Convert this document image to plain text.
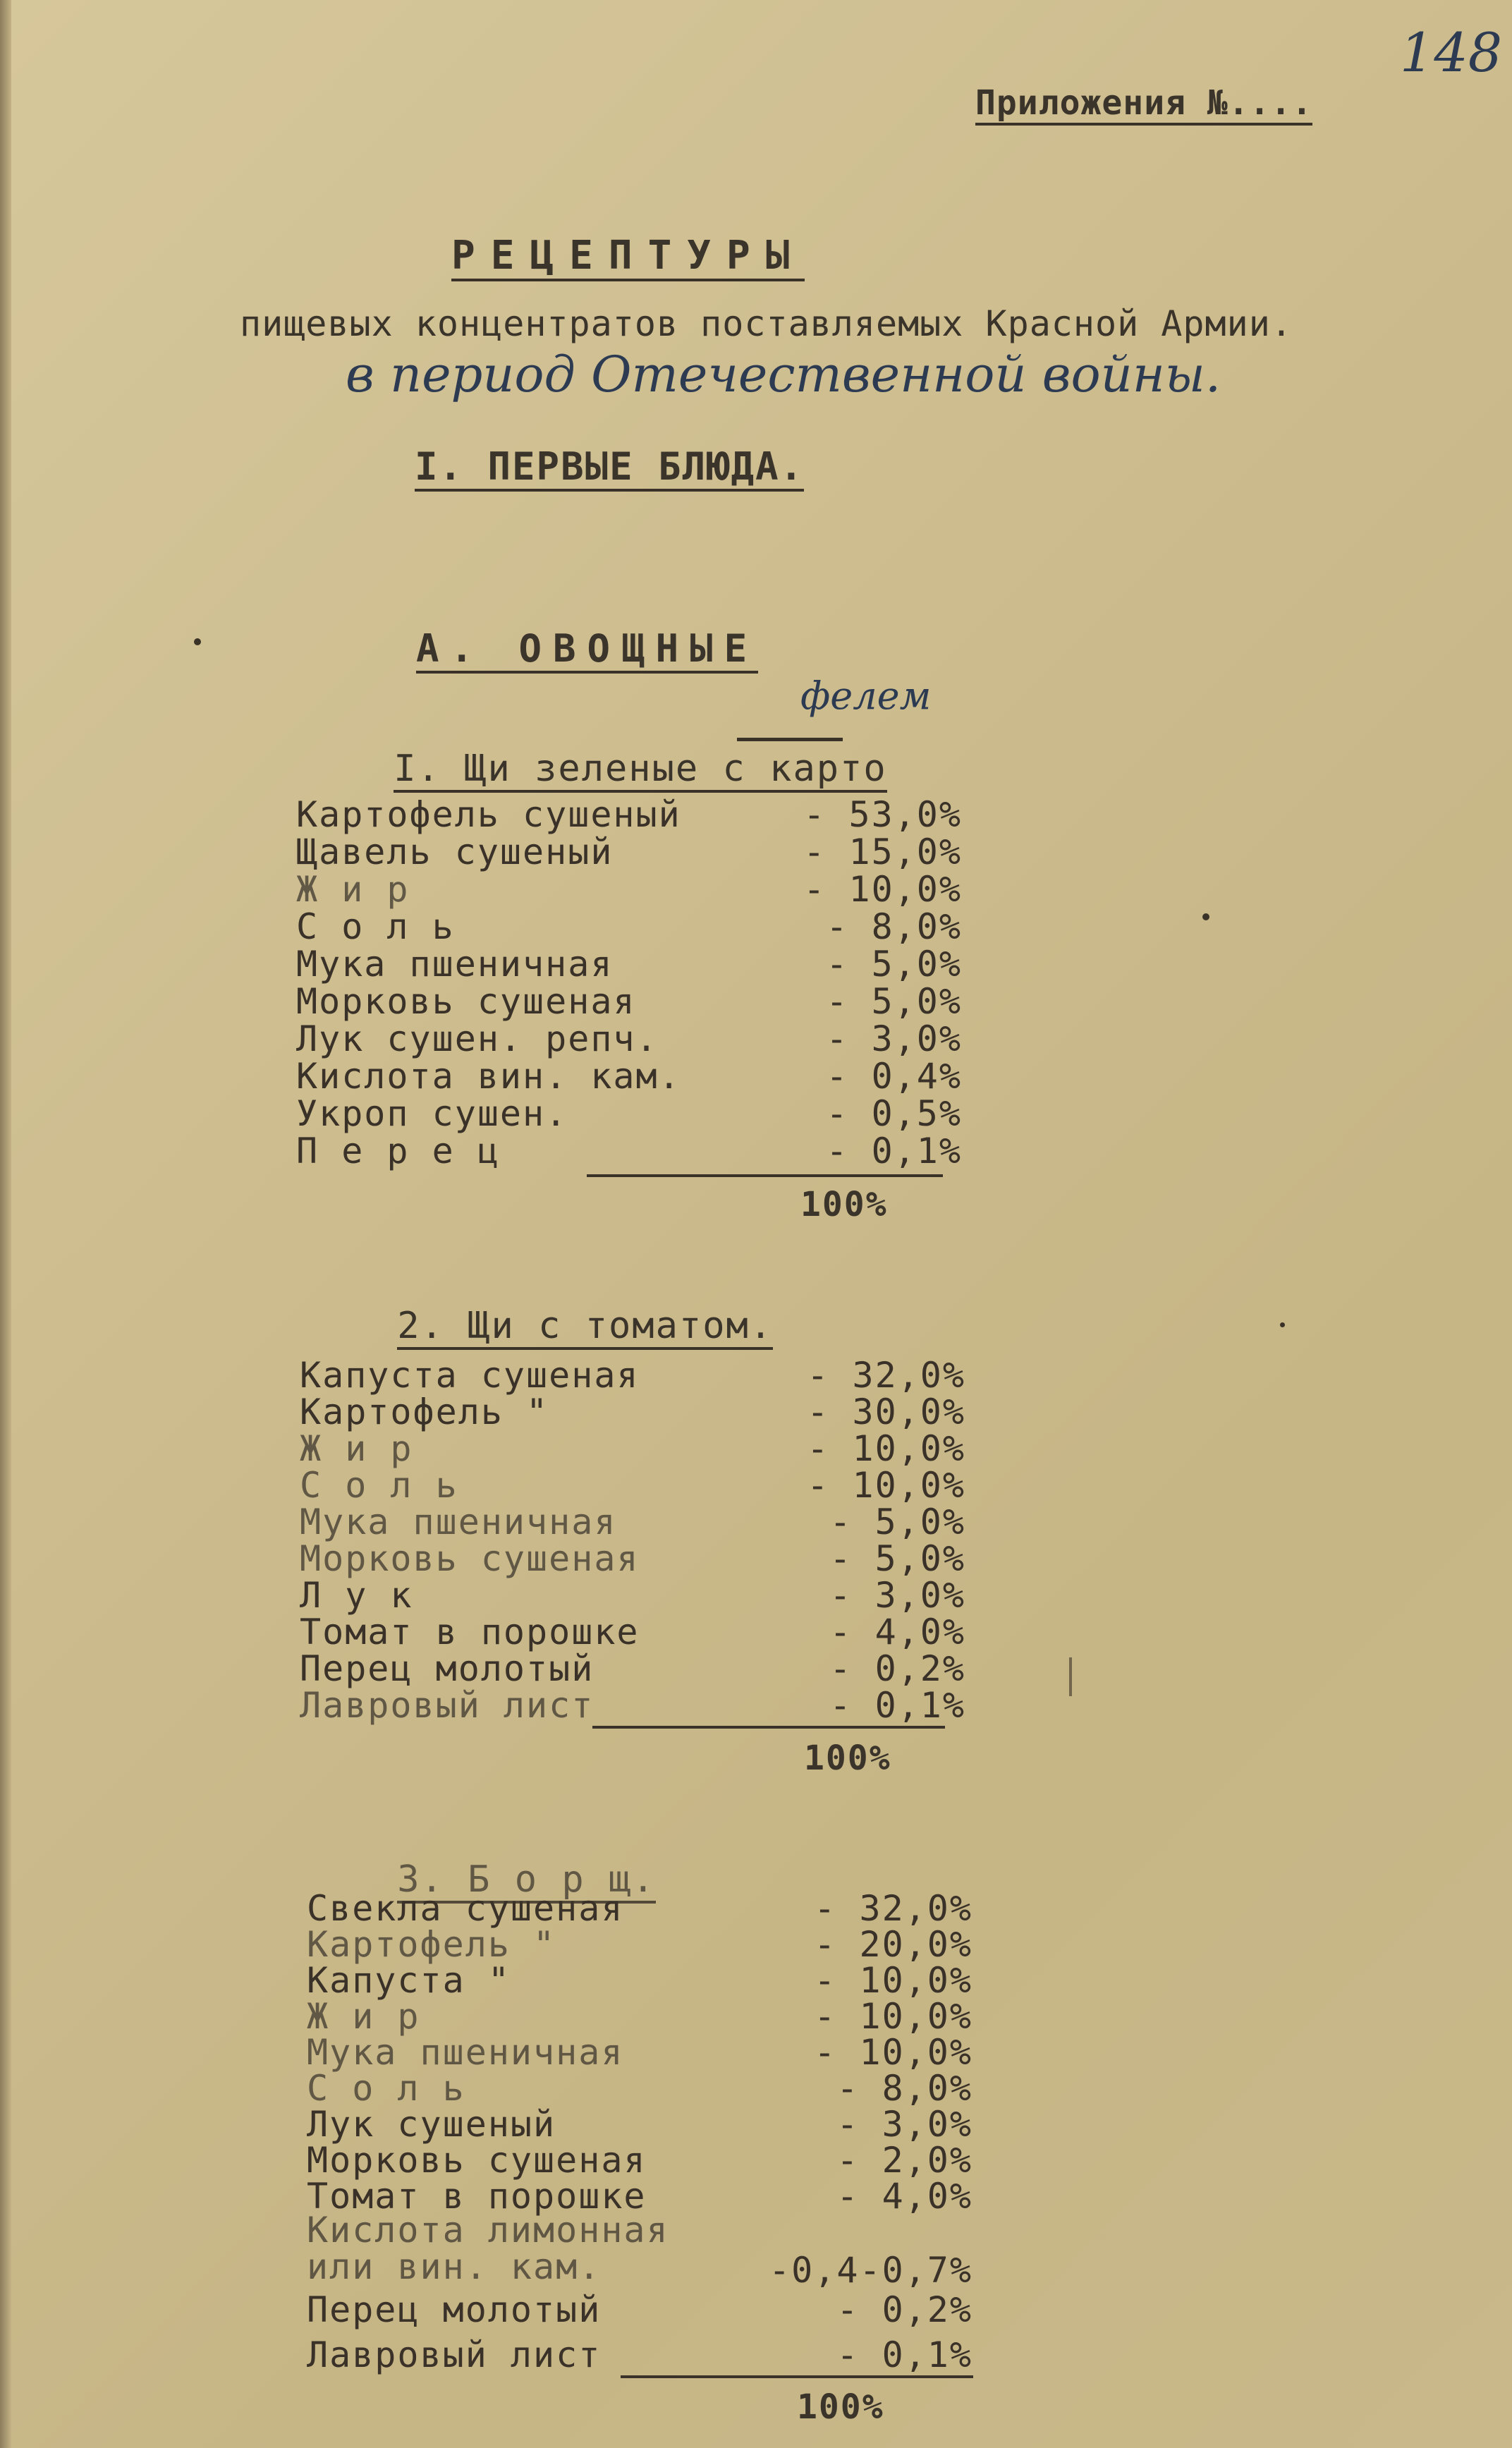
Приложения №....
148
РЕЦЕПТУРЫ
пищевых концентратов поставляемых Красной Армии.
в период Отечественной войны.
I. ПЕРВЫЕ БЛЮДА.
А. ОВОЩНЫЕ

I. Щи зеленые с карто

фелем
Картофель сушеный	- 53,0%
Щавель сушеный	- 15,0%
Ж и р	- 10,0%
С о л ь	- 8,0%
Мука пшеничная	- 5,0%
Морковь сушеная	- 5,0%
Лук сушен. репч.	- 3,0%
Кислота вин. кам.	- 0,4%
Укроп сушен.	- 0,5%
П е р е ц	- 0,1%
100%

2. Щи с томатом.

Капуста сушеная	- 32,0%
Картофель "	- 30,0%
Ж и р	- 10,0%
С о л ь	- 10,0%
Мука пшеничная	- 5,0%
Морковь сушеная	- 5,0%
Л у к	- 3,0%
Томат в порошке	- 4,0%
Перец молотый	- 0,2%
Лавровый лист	- 0,1%
100%

3. Б о р щ.

Свекла сушеная	- 32,0%
Картофель "	- 20,0%
Капуста "	- 10,0%
Ж и р	- 10,0%
Мука пшеничная	- 10,0%
С о л ь	- 8,0%
Лук сушеный	- 3,0%
Морковь сушеная	- 2,0%
Томат в порошке	- 4,0%
Кислота лимонная
или вин. кам.	-0,4-0,7%
Перец молотый	- 0,2%
Лавровый лист	- 0,1%
100%
